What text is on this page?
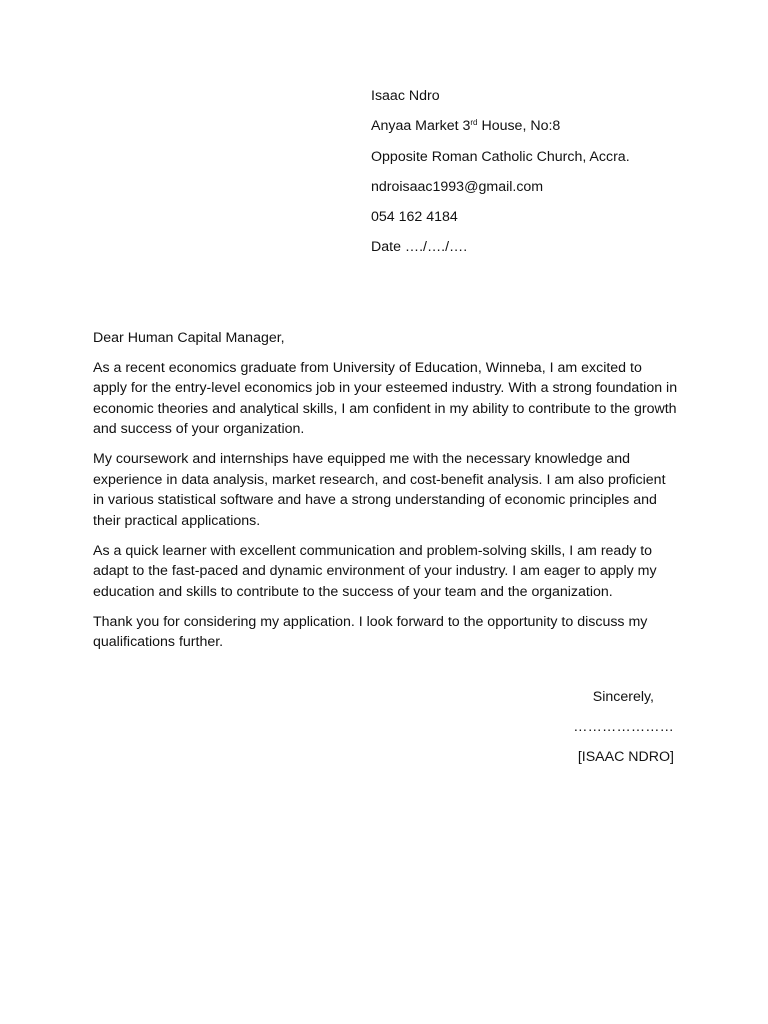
Isaac Ndro
Anyaa Market 3rd House, No:8
Opposite Roman Catholic Church, Accra.
ndroisaac1993@gmail.com
054 162 4184
Date …./…./….

Dear Human Capital Manager,

As a recent economics graduate from University of Education, Winneba, I am excited to apply for the entry-level economics job in your esteemed industry. With a strong foundation in economic theories and analytical skills, I am confident in my ability to contribute to the growth and success of your organization.

My coursework and internships have equipped me with the necessary knowledge and experience in data analysis, market research, and cost-benefit analysis. I am also proficient in various statistical software and have a strong understanding of economic principles and their practical applications.

As a quick learner with excellent communication and problem-solving skills, I am ready to adapt to the fast-paced and dynamic environment of your industry. I am eager to apply my education and skills to contribute to the success of your team and the organization.

Thank you for considering my application. I look forward to the opportunity to discuss my qualifications further.

Sincerely,
…………………
[ISAAC NDRO]
